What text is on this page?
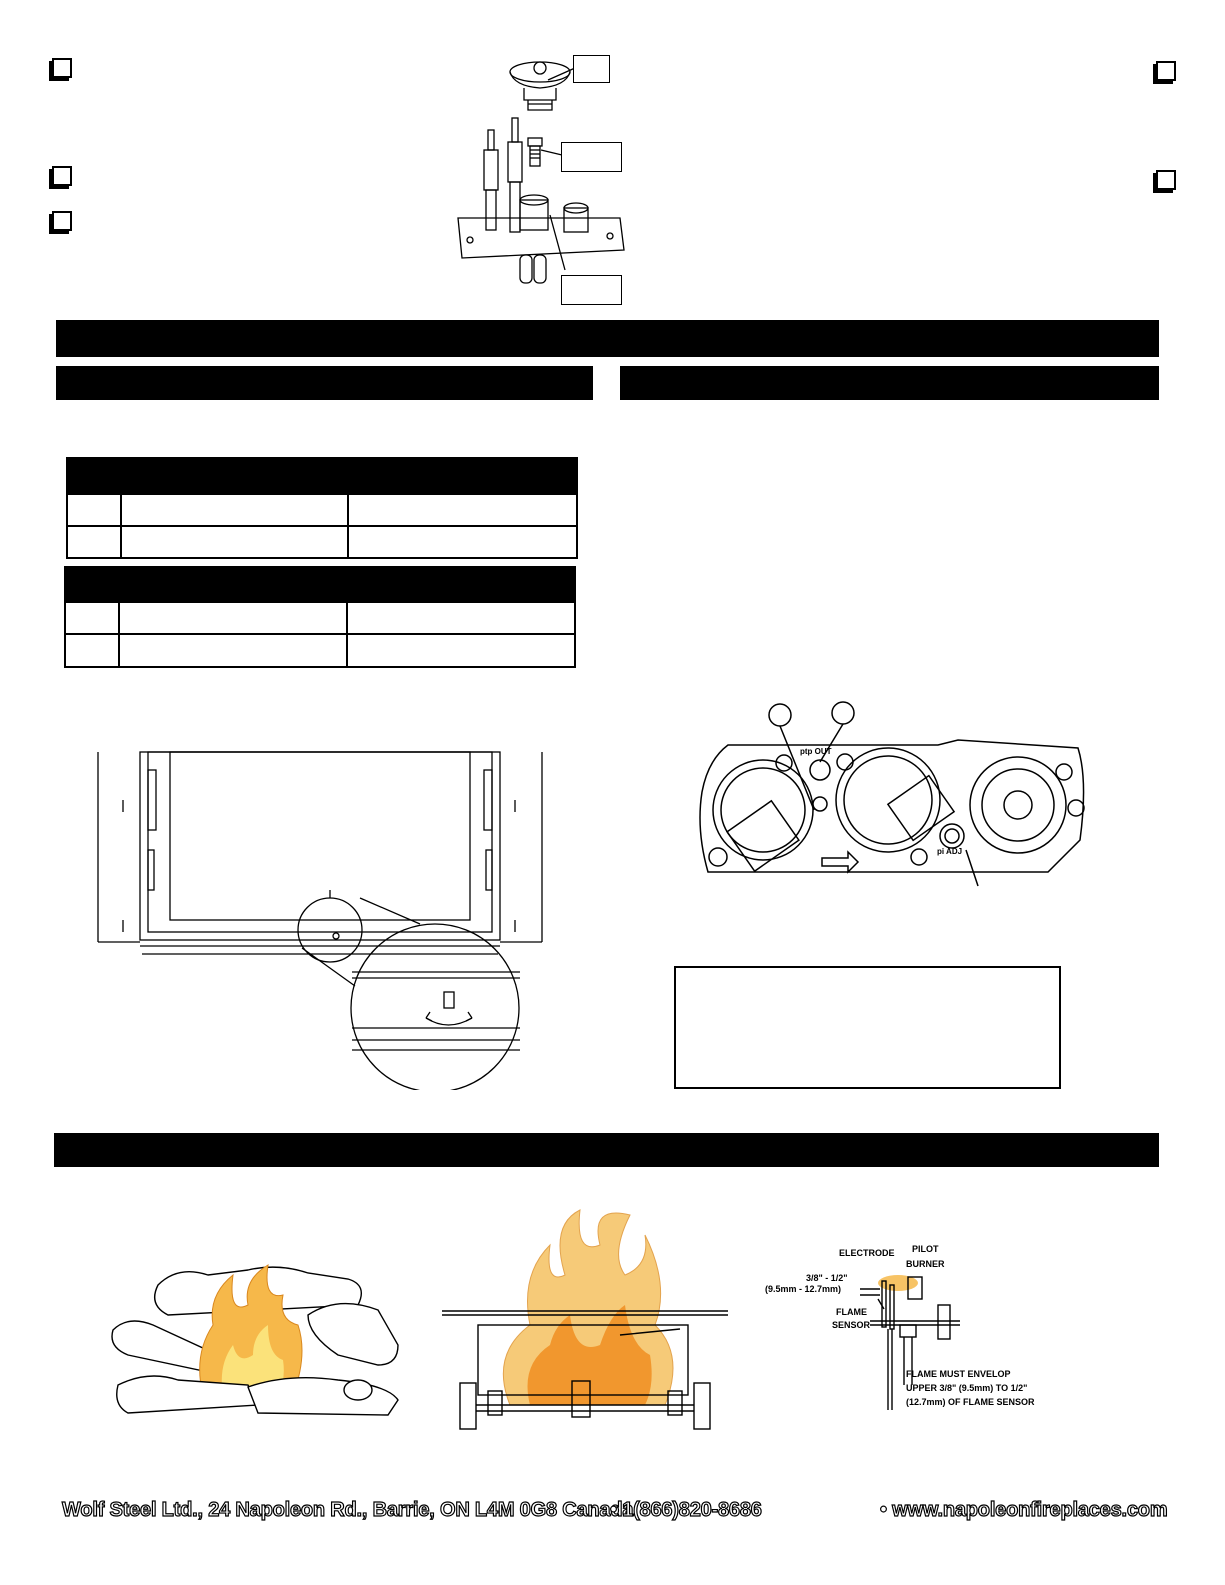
ptp OUT
pi ADJ
ELECTRODE PILOT
BURNER
3/8" - 1/2"
(9.5mm - 12.7mm)
FLAME
SENSOR
FLAME MUST ENVELOP
UPPER 3/8" (9.5mm) TO 1/2"
(12.7mm) OF FLAME SENSOR
Wolf Steel Ltd., 24 Napoleon Rd., Barrie, ON L4M 0G8 Canada
• 1(866)820-8686	• www.napoleonfireplaces.com
